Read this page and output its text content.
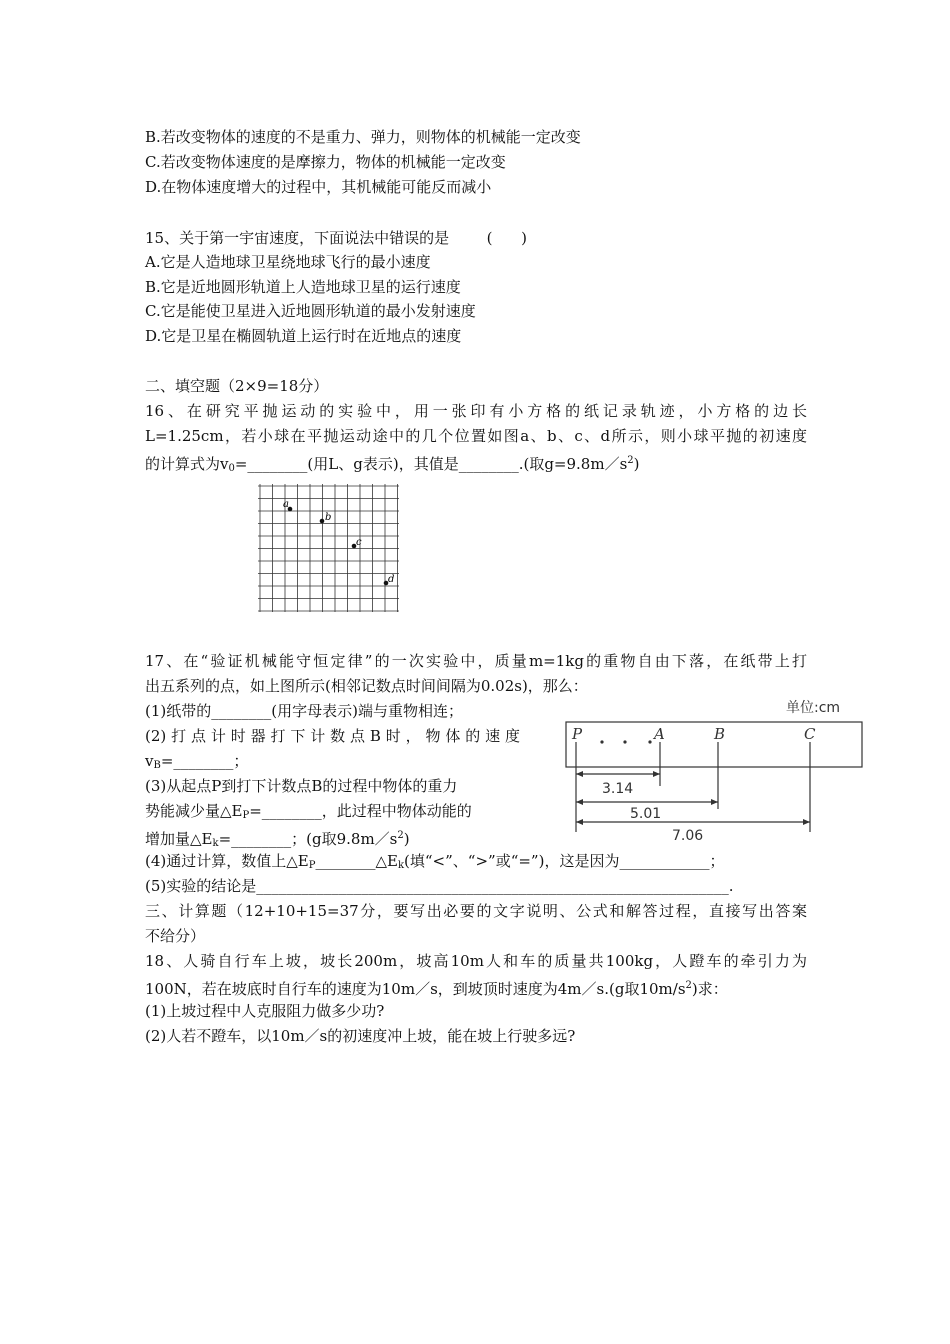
B.若改变物体的速度的不是重力、弹力，则物体的机械能一定改变
C.若改变物体速度的是摩擦力，物体的机械能一定改变
D.在物体速度增大的过程中，其机械能可能反而减小
15、关于第一宇宙速度，下面说法中错误的是	(      )
A.它是人造地球卫星绕地球飞行的最小速度
B.它是近地圆形轨道上人造地球卫星的运行速度
C.它是能使卫星进入近地圆形轨道的最小发射速度
D.它是卫星在椭圆轨道上运行时在近地点的速度
二、填空题（2×9=18分）
16、在研究平抛运动的实验中，用一张印有小方格的纸记录轨迹，小方格的边长
L=1.25cm，若小球在平抛运动途中的几个位置如图a、b、c、d所示，则小球平抛的初速度
的计算式为$v_0=\_\_\_\_\_\_\_\_$(用L、g表示)，其值是________.(取$g=9.8m/s^2$)
a
b
c
d
17、在“验证机械能守恒定律”的一次实验中，质量m=1kg的重物自由下落，在纸带上打
出五系列的点，如上图所示(相邻记数点时间间隔为0.02s)，那么：
(1)纸带的________(用字母表示)端与重物相连；
(2)打点计时器打下计数点B时，物体的速度
$v_B=\_\_\_\_\_\_\_\_$；
(3)从起点P到打下计数点B的过程中物体的重力
势能减少量$\triangle E_P=\_\_\_\_\_\_\_\_$，此过程中物体动能的
增加量$\triangle E_k=\_\_\_\_\_\_\_\_$；(g取$9.8m/s^2$)
(4)通过计算，数值上$\triangle E_P\_\_\_\_\_\_\_\_\triangle E_k$(填“<”、“>”或“=”)，这是因为____________；
(5)实验的结论是_______________________________________________________________.
单位:cm
P	A	B	C
3.14
5.01
7.06
三、计算题（12+10+15=37分，要写出必要的文字说明、公式和解答过程，直接写出答案
不给分）
18、人骑自行车上坡，坡长200m，坡高10m人和车的质量共100kg，人蹬车的牵引力为
100N，若在坡底时自行车的速度为10m／s，到坡顶时速度为4m／s.(g取$10m/s^2$)求：
(1)上坡过程中人克服阻力做多少功?
(2)人若不蹬车，以10m／s的初速度冲上坡，能在坡上行驶多远?
